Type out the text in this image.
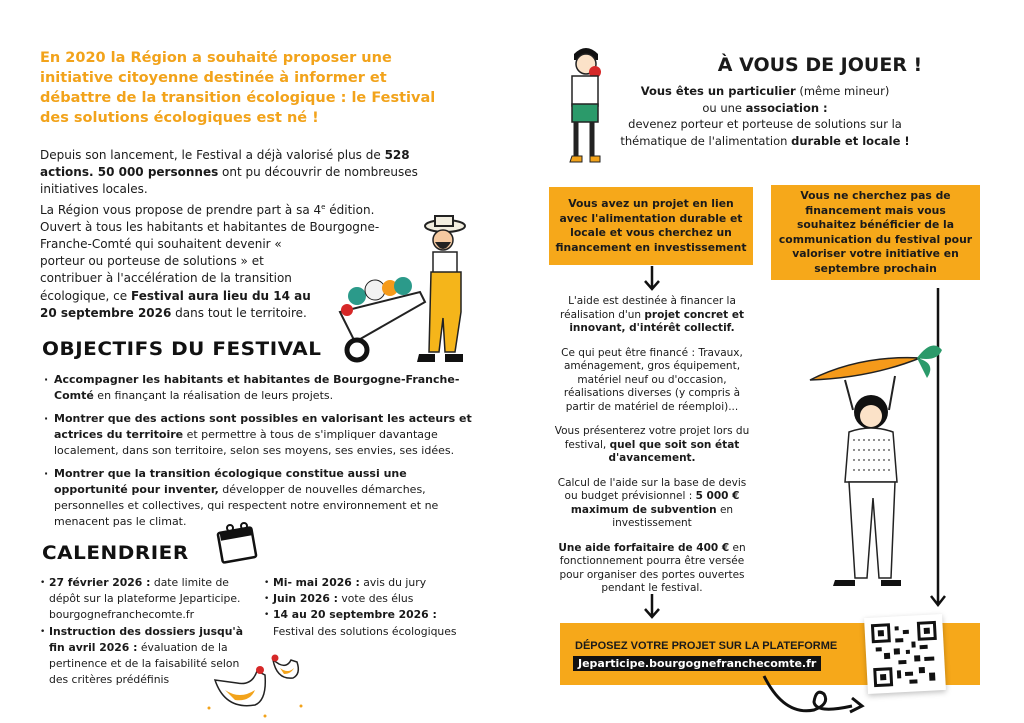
En 2020 la Région a souhaité proposer une initiative citoyenne destinée à informer et débattre de la transition écologique : le Festival des solutions écologiques est né !
Depuis son lancement, le Festival a déjà valorisé plus de 528 actions. 50 000 personnes ont pu découvrir de nombreuses initiatives locales.
La Région vous propose de prendre part à sa 4e édition.
Ouvert à tous les habitants et habitantes de Bourgogne-Franche-Comté qui souhaitent devenir « porteur ou porteuse de solutions » et contribuer à l'accélération de la transition écologique, ce Festival aura lieu du 14 au 20 septembre 2026 dans tout le territoire.
OBJECTIFS DU FESTIVAL
· Accompagner les habitants et habitantes de Bourgogne-Franche-Comté en finançant la réalisation de leurs projets.
· Montrer que des actions sont possibles en valorisant les acteurs et actrices du territoire et permettre à tous de s'impliquer davantage localement, dans son territoire, selon ses moyens, ses envies, ses idées.
· Montrer que la transition écologique constitue aussi une opportunité pour inventer, développer de nouvelles démarches, personnelles et collectives, qui respectent notre environnement et ne menacent pas le climat.
CALENDRIER
• 27 février 2026 : date limite de dépôt sur la plateforme Jeparticipe. bourgognefranchecomte.fr
• Instruction des dossiers jusqu'à fin avril 2026 : évaluation de la pertinence et de la faisabilité selon des critères prédéfinis
• Mi- mai 2026 : avis du jury
• Juin 2026 : vote des élus
• 14 au 20 septembre 2026 :
Festival des solutions écologiques
À VOUS DE JOUER !
Vous êtes un particulier (même mineur)
ou une association :
devenez porteur et porteuse de solutions sur la thématique de l'alimentation durable et locale !
Vous avez un projet en lien avec l'alimentation durable et locale et vous cherchez un financement en investissement
Vous ne cherchez pas de financement mais vous souhaitez bénéficier de la communication du festival pour valoriser votre initiative en septembre prochain

L'aide est destinée à financer la réalisation d'un projet concret et innovant, d'intérêt collectif.

Ce qui peut être financé : Travaux, aménagement, gros équipement, matériel neuf ou d'occasion, réalisations diverses (y compris à partir de matériel de réemploi)...

Vous présenterez votre projet lors du festival, quel que soit son état d'avancement.

Calcul de l'aide sur la base de devis ou budget prévisionnel : 5 000 € maximum de subvention en investissement

Une aide forfaitaire de 400 € en fonctionnement pourra être versée pour organiser des portes ouvertes pendant le festival.

DÉPOSEZ VOTRE PROJET SUR LA PLATEFORME
Jeparticipe.bourgognefranchecomte.fr
